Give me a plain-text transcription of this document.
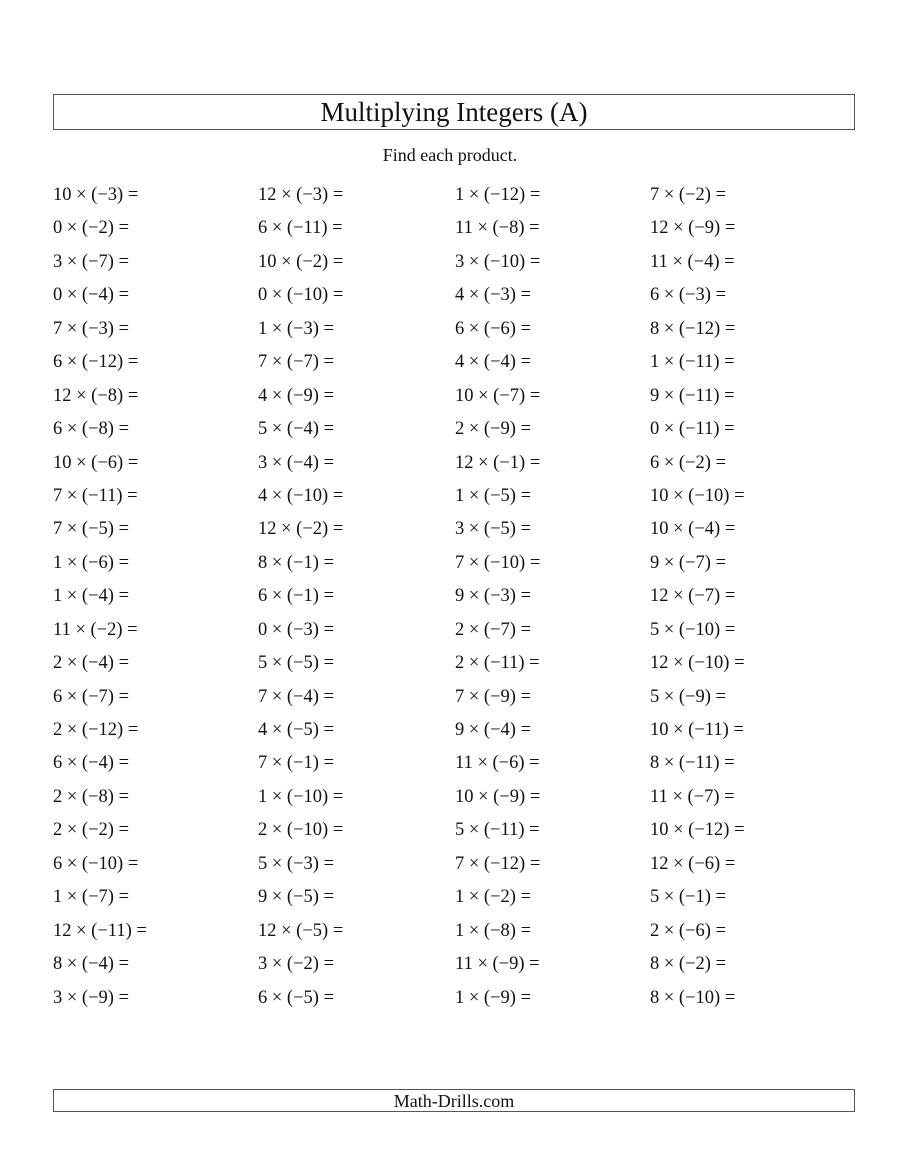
Multiplying Integers (A)
Find each product.
10 × (−3) =	12 × (−3) =	1 × (−12) =	7 × (−2) =
0 × (−2) =	6 × (−11) =	11 × (−8) =	12 × (−9) =
3 × (−7) =	10 × (−2) =	3 × (−10) =	11 × (−4) =
0 × (−4) =	0 × (−10) =	4 × (−3) =	6 × (−3) =
7 × (−3) =	1 × (−3) =	6 × (−6) =	8 × (−12) =
6 × (−12) =	7 × (−7) =	4 × (−4) =	1 × (−11) =
12 × (−8) =	4 × (−9) =	10 × (−7) =	9 × (−11) =
6 × (−8) =	5 × (−4) =	2 × (−9) =	0 × (−11) =
10 × (−6) =	3 × (−4) =	12 × (−1) =	6 × (−2) =
7 × (−11) =	4 × (−10) =	1 × (−5) =	10 × (−10) =
7 × (−5) =	12 × (−2) =	3 × (−5) =	10 × (−4) =
1 × (−6) =	8 × (−1) =	7 × (−10) =	9 × (−7) =
1 × (−4) =	6 × (−1) =	9 × (−3) =	12 × (−7) =
11 × (−2) =	0 × (−3) =	2 × (−7) =	5 × (−10) =
2 × (−4) =	5 × (−5) =	2 × (−11) =	12 × (−10) =
6 × (−7) =	7 × (−4) =	7 × (−9) =	5 × (−9) =
2 × (−12) =	4 × (−5) =	9 × (−4) =	10 × (−11) =
6 × (−4) =	7 × (−1) =	11 × (−6) =	8 × (−11) =
2 × (−8) =	1 × (−10) =	10 × (−9) =	11 × (−7) =
2 × (−2) =	2 × (−10) =	5 × (−11) =	10 × (−12) =
6 × (−10) =	5 × (−3) =	7 × (−12) =	12 × (−6) =
1 × (−7) =	9 × (−5) =	1 × (−2) =	5 × (−1) =
12 × (−11) =	12 × (−5) =	1 × (−8) =	2 × (−6) =
8 × (−4) =	3 × (−2) =	11 × (−9) =	8 × (−2) =
3 × (−9) =	6 × (−5) =	1 × (−9) =	8 × (−10) =
Math-Drills.com
